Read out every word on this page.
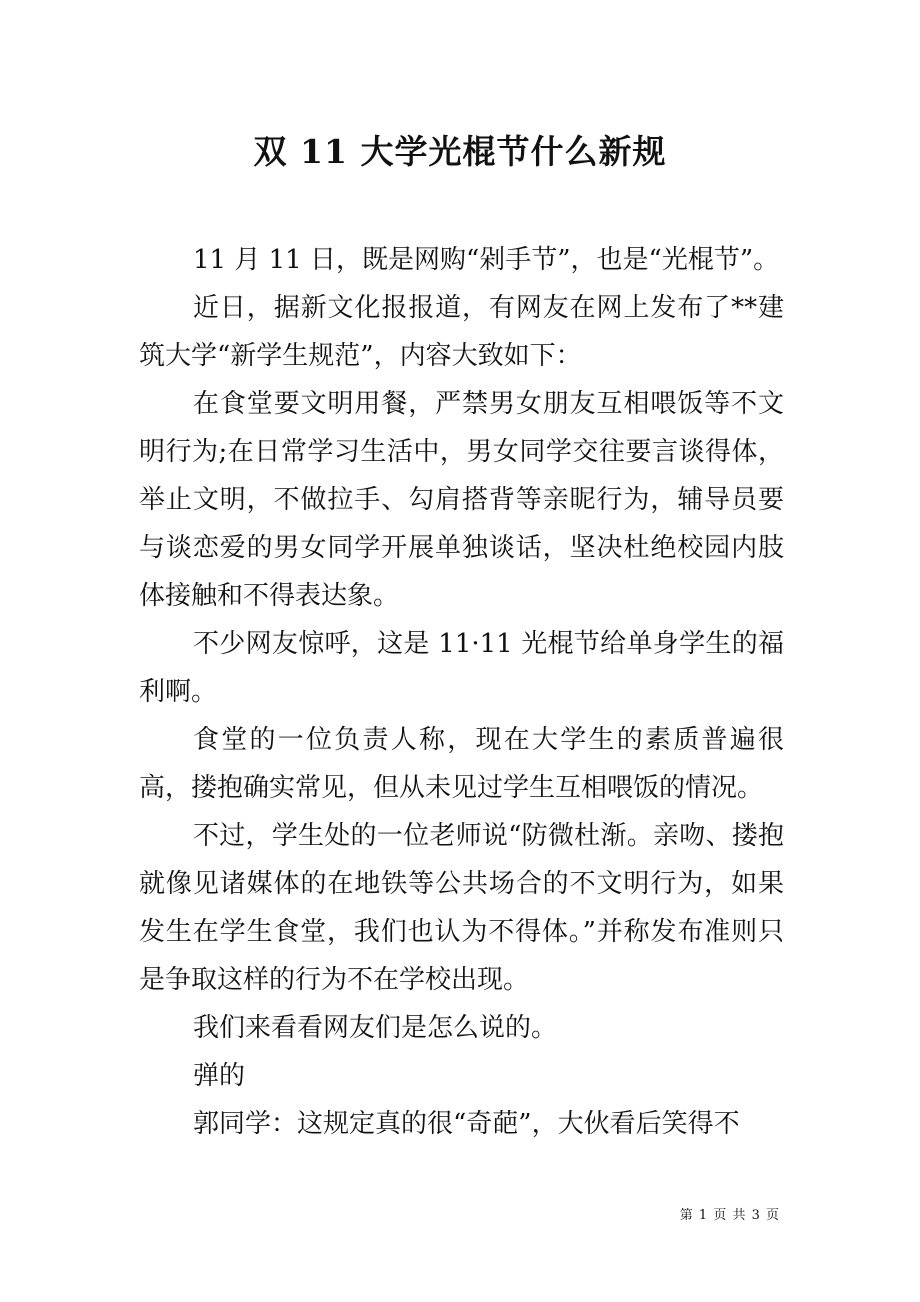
双 11 大学光棍节什么新规

11 月 11 日，既是网购“剁手节”，也是“光棍节”。

近日，据新文化报报道，有网友在网上发布了**建筑大学“新学生规范”，内容大致如下：

在食堂要文明用餐，严禁男女朋友互相喂饭等不文明行为;在日常学习生活中，男女同学交往要言谈得体，举止文明，不做拉手、勾肩搭背等亲昵行为，辅导员要与谈恋爱的男女同学开展单独谈话，坚决杜绝校园内肢体接触和不得表达象。

不少网友惊呼，这是 11·11 光棍节给单身学生的福利啊。

食堂的一位负责人称，现在大学生的素质普遍很高，搂抱确实常见，但从未见过学生互相喂饭的情况。

不过，学生处的一位老师说“防微杜渐。亲吻、搂抱 就像见诸媒体的在地铁等公共场合的不文明行为，如果发生在学生食堂，我们也认为不得体。”并称发布准则只是争取这样的行为不在学校出现。

我们来看看网友们是怎么说的。

弹的

郭同学：这规定真的很“奇葩”，大伙看后笑得不

第 1 页 共 3 页
